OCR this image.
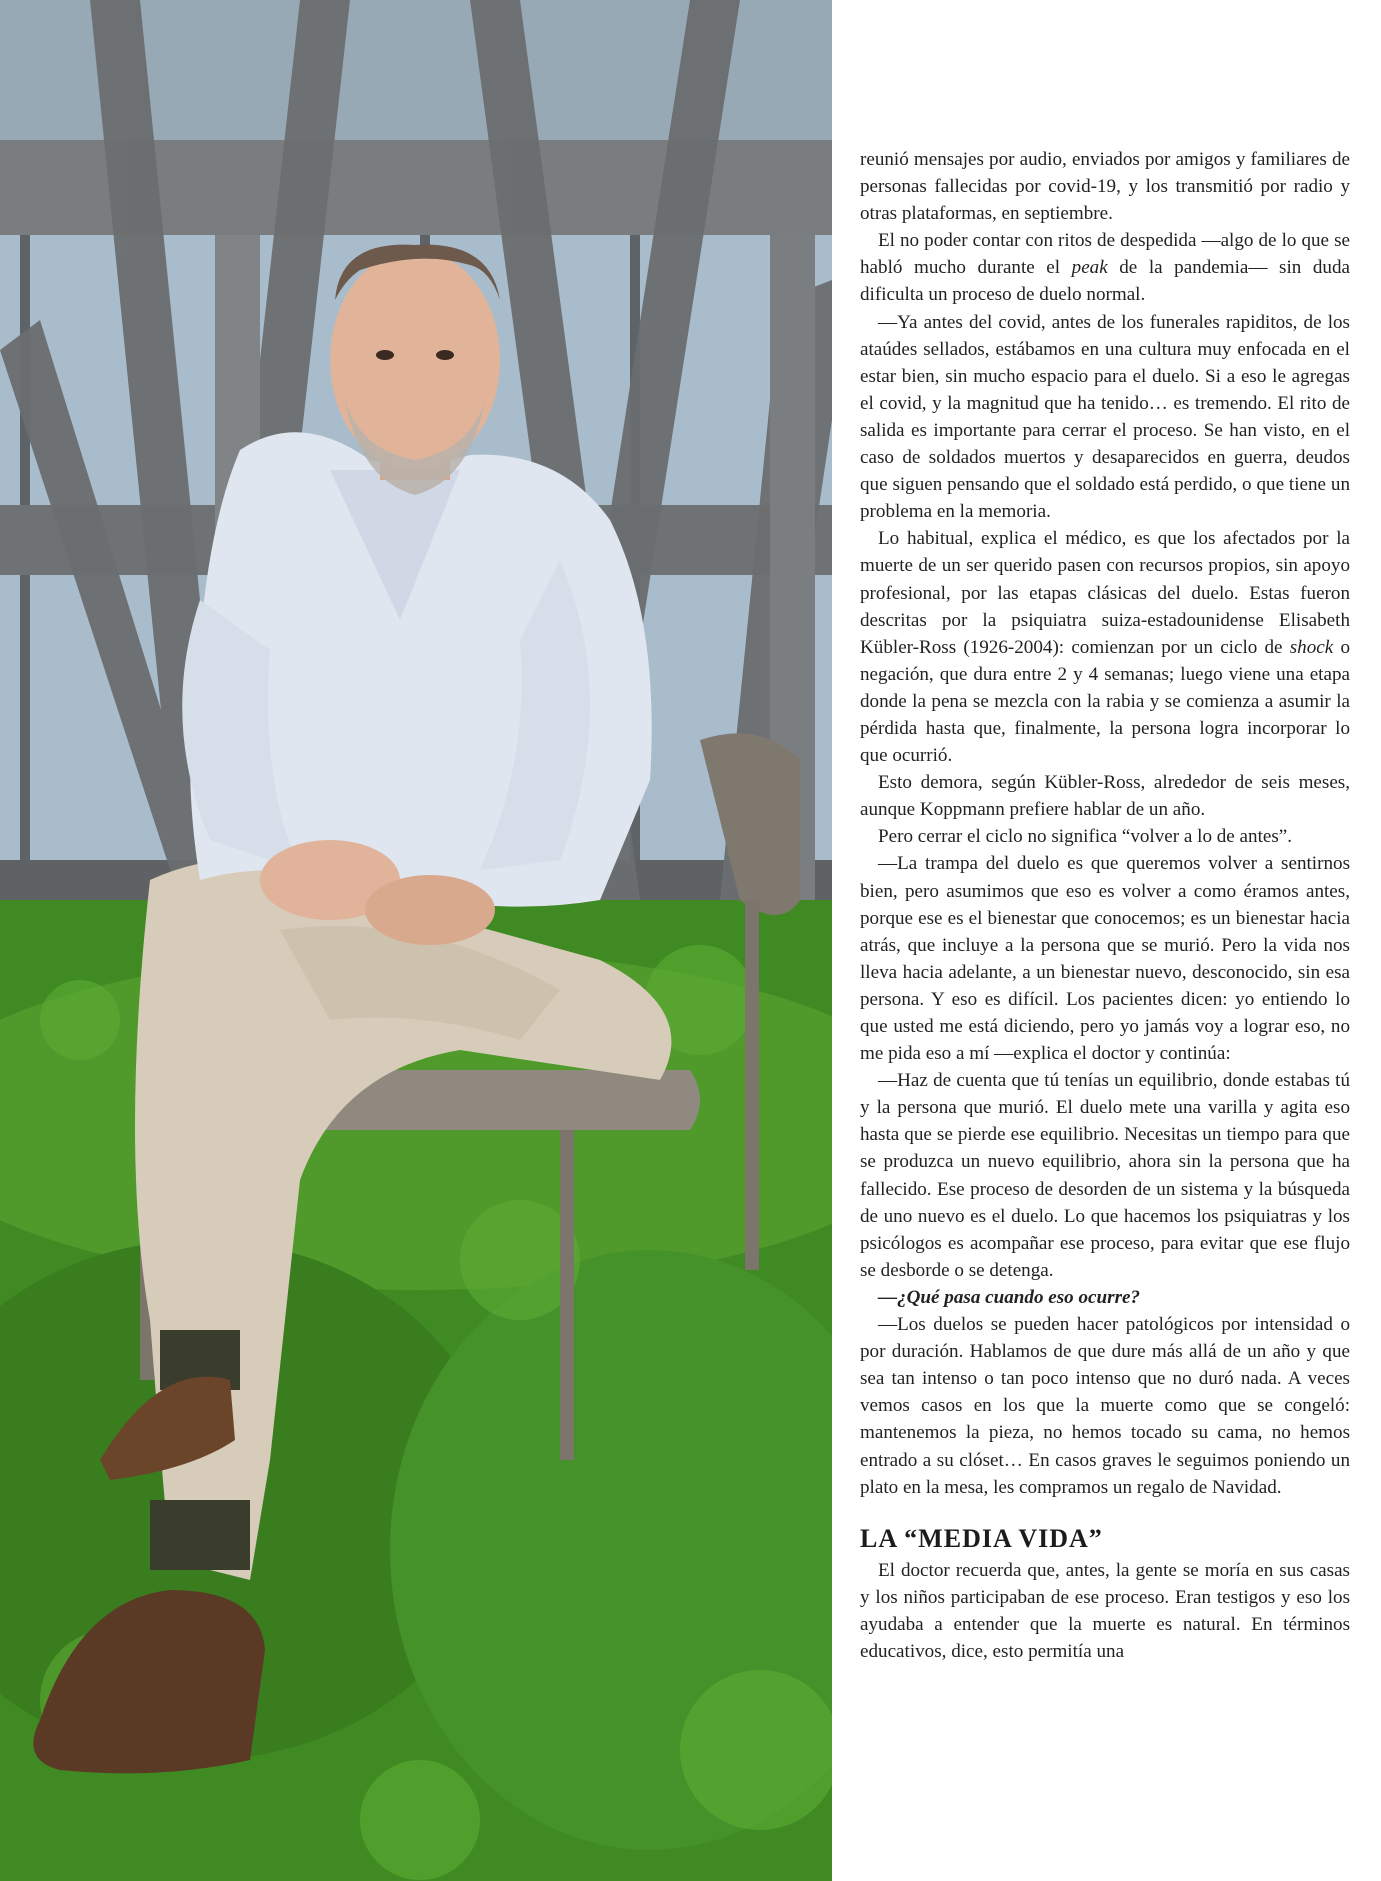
reunió mensajes por audio, enviados por amigos y familiares de personas fallecidas por covid-19, y los transmitió por radio y otras plataformas, en septiembre.

El no poder contar con ritos de despedida —algo de lo que se habló mucho durante el peak de la pandemia— sin duda dificulta un proceso de duelo normal.

—Ya antes del covid, antes de los funerales rapiditos, de los ataúdes sellados, estábamos en una cultura muy enfocada en el estar bien, sin mucho espacio para el duelo. Si a eso le agregas el covid, y la magnitud que ha tenido… es tremendo. El rito de salida es importante para cerrar el proceso. Se han visto, en el caso de soldados muertos y desaparecidos en guerra, deudos que siguen pensando que el soldado está perdido, o que tiene un problema en la memoria.

Lo habitual, explica el médico, es que los afectados por la muerte de un ser querido pasen con recursos propios, sin apoyo profesional, por las etapas clásicas del duelo. Estas fueron descritas por la psiquiatra suiza-estadounidense Elisabeth Kübler-Ross (1926-2004): comienzan por un ciclo de shock o negación, que dura entre 2 y 4 semanas; luego viene una etapa donde la pena se mezcla con la rabia y se comienza a asumir la pérdida hasta que, finalmente, la persona logra incorporar lo que ocurrió.

Esto demora, según Kübler-Ross, alrededor de seis meses, aunque Koppmann prefiere hablar de un año.

Pero cerrar el ciclo no significa “volver a lo de antes”.

—La trampa del duelo es que queremos volver a sentirnos bien, pero asumimos que eso es volver a como éramos antes, porque ese es el bienestar que conocemos; es un bienestar hacia atrás, que incluye a la persona que se murió. Pero la vida nos lleva hacia adelante, a un bienestar nuevo, desconocido, sin esa persona. Y eso es difícil. Los pacientes dicen: yo entiendo lo que usted me está diciendo, pero yo jamás voy a lograr eso, no me pida eso a mí —explica el doctor y continúa:

—Haz de cuenta que tú tenías un equilibrio, donde estabas tú y la persona que murió. El duelo mete una varilla y agita eso hasta que se pierde ese equilibrio. Necesitas un tiempo para que se produzca un nuevo equilibrio, ahora sin la persona que ha fallecido. Ese proceso de desorden de un sistema y la búsqueda de uno nuevo es el duelo. Lo que hacemos los psiquiatras y los psicólogos es acompañar ese proceso, para evitar que ese flujo se desborde o se detenga.

—¿Qué pasa cuando eso ocurre?

—Los duelos se pueden hacer patológicos por intensidad o por duración. Hablamos de que dure más allá de un año y que sea tan intenso o tan poco intenso que no duró nada. A veces vemos casos en los que la muerte como que se congeló: mantenemos la pieza, no hemos tocado su cama, no hemos entrado a su clóset… En casos graves le seguimos poniendo un plato en la mesa, les compramos un regalo de Navidad.

LA “MEDIA VIDA”

El doctor recuerda que, antes, la gente se moría en sus casas y los niños participaban de ese proceso. Eran testigos y eso los ayudaba a entender que la muerte es natural. En términos educativos, dice, esto permitía una
